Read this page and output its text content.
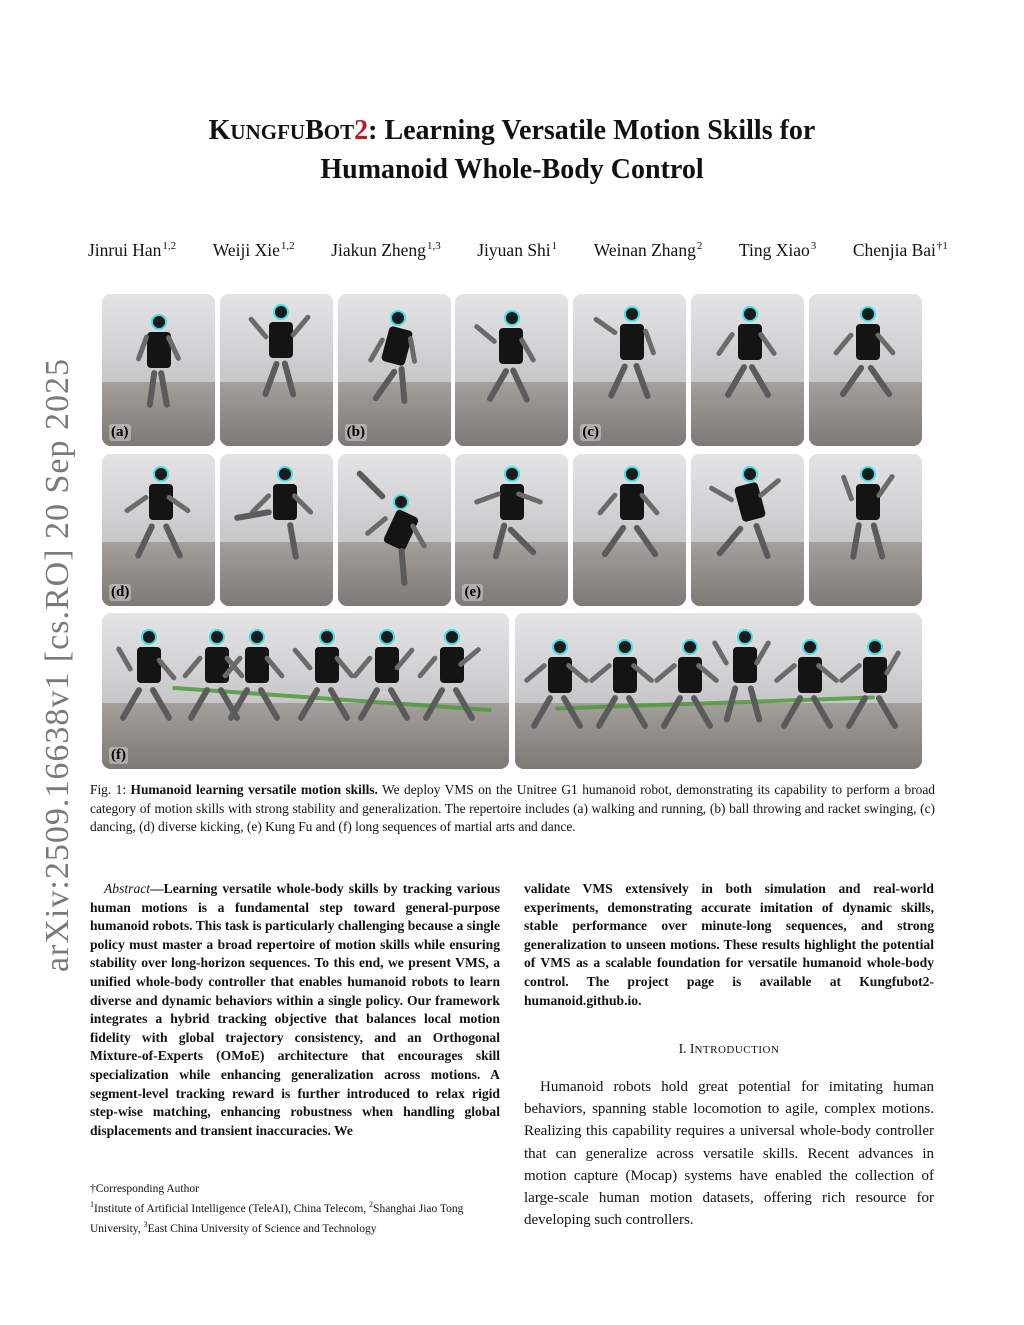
arXiv:2509.16638v1 [cs.RO] 20 Sep 2025
KUNGFUBOT2: Learning Versatile Motion Skills for
Humanoid Whole-Body Control
Jinrui Han$^{1,2}$ Weiji Xie$^{1,2}$ Jiakun Zheng$^{1,3}$ Jiyuan Shi$^1$ Weinan Zhang$^2$ Ting Xiao$^3$ Chenjia Bai$^{\dagger 1}$
(a)	(b)	(c)
(d)	(e)
(f)
Fig. 1: Humanoid learning versatile motion skills. We deploy VMS on the Unitree G1 humanoid robot, demonstrating its capability to perform a broad category of motion skills with strong stability and generalization. The repertoire includes (a) walking and running, (b) ball throwing and racket swinging, (c) dancing, (d) diverse kicking, (e) Kung Fu and (f) long sequences of martial arts and dance.
Abstract—Learning versatile whole-body skills by tracking various human motions is a fundamental step toward general-purpose humanoid robots. This task is particularly challenging because a single policy must master a broad repertoire of motion skills while ensuring stability over long-horizon sequences. To this end, we present VMS, a unified whole-body controller that enables humanoid robots to learn diverse and dynamic behaviors within a single policy. Our framework integrates a hybrid tracking objective that balances local motion fidelity with global trajectory consistency, and an Orthogonal Mixture-of-Experts (OMoE) architecture that encourages skill specialization while enhancing generalization across motions. A segment-level tracking reward is further introduced to relax rigid step-wise matching, enhancing robustness when handling global displacements and transient inaccuracies. We
†Corresponding Author
$^1$Institute of Artificial Intelligence (TeleAI), China Telecom, $^2$Shanghai Jiao Tong University, $^3$East China University of Science and Technology
validate VMS extensively in both simulation and real-world experiments, demonstrating accurate imitation of dynamic skills, stable performance over minute-long sequences, and strong generalization to unseen motions. These results highlight the potential of VMS as a scalable foundation for versatile humanoid whole-body control. The project page is available at Kungfubot2-humanoid.github.io.
I. INTRODUCTION
Humanoid robots hold great potential for imitating human behaviors, spanning stable locomotion to agile, complex motions. Realizing this capability requires a universal whole-body controller that can generalize across versatile skills. Recent advances in motion capture (Mocap) systems have enabled the collection of large-scale human motion datasets, offering rich resource for developing such controllers.
